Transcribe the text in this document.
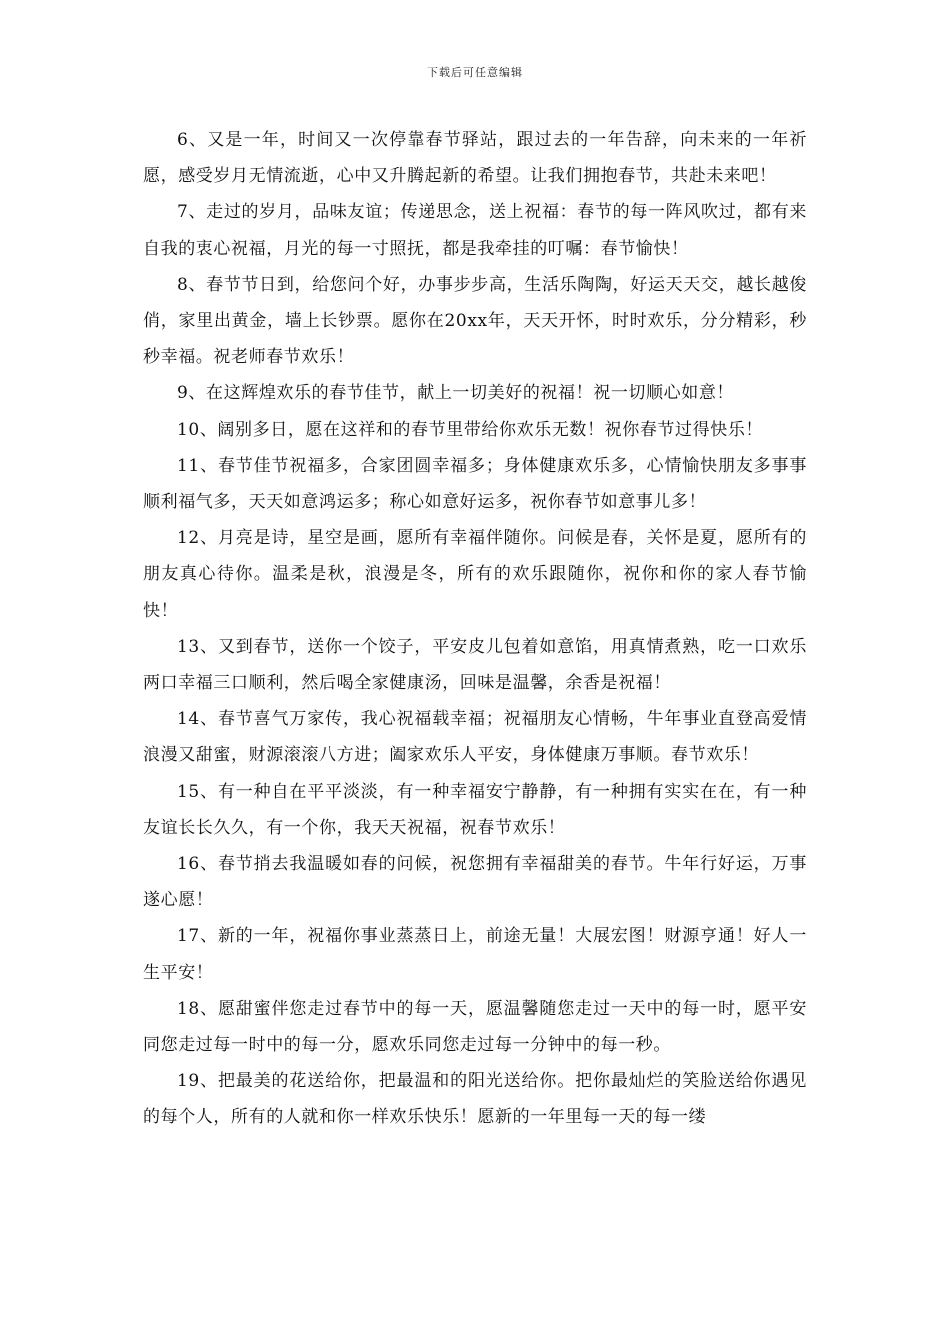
下载后可任意编辑

6、又是一年，时间又一次停靠春节驿站，跟过去的一年告辞，向未来的一年祈愿，感受岁月无情流逝，心中又升腾起新的希望。让我们拥抱春节，共赴未来吧！

7、走过的岁月，品味友谊；传递思念，送上祝福：春节的每一阵风吹过，都有来自我的衷心祝福，月光的每一寸照抚，都是我牵挂的叮嘱：春节愉快！

8、春节节日到，给您问个好，办事步步高，生活乐陶陶，好运天天交，越长越俊俏，家里出黄金，墙上长钞票。愿你在20xx年，天天开怀，时时欢乐，分分精彩，秒秒幸福。祝老师春节欢乐！

9、在这辉煌欢乐的春节佳节，献上一切美好的祝福！祝一切顺心如意！

10、阔别多日，愿在这祥和的春节里带给你欢乐无数！祝你春节过得快乐！

11、春节佳节祝福多，合家团圆幸福多；身体健康欢乐多，心情愉快朋友多事事顺利福气多，天天如意鸿运多；称心如意好运多，祝你春节如意事儿多！

12、月亮是诗，星空是画，愿所有幸福伴随你。问候是春，关怀是夏，愿所有的朋友真心待你。温柔是秋，浪漫是冬，所有的欢乐跟随你，祝你和你的家人春节愉快！

13、又到春节，送你一个饺子，平安皮儿包着如意馅，用真情煮熟，吃一口欢乐两口幸福三口顺利，然后喝全家健康汤，回味是温馨，余香是祝福！

14、春节喜气万家传，我心祝福载幸福；祝福朋友心情畅，牛年事业直登高爱情浪漫又甜蜜，财源滚滚八方进；阖家欢乐人平安，身体健康万事顺。春节欢乐！

15、有一种自在平平淡淡，有一种幸福安宁静静，有一种拥有实实在在，有一种友谊长长久久，有一个你，我天天祝福，祝春节欢乐！

16、春节捎去我温暖如春的问候，祝您拥有幸福甜美的春节。牛年行好运，万事遂心愿！

17、新的一年，祝福你事业蒸蒸日上，前途无量！大展宏图！财源亨通！好人一生平安！

18、愿甜蜜伴您走过春节中的每一天，愿温馨随您走过一天中的每一时，愿平安同您走过每一时中的每一分，愿欢乐同您走过每一分钟中的每一秒。

19、把最美的花送给你，把最温和的阳光送给你。把你最灿烂的笑脸送给你遇见的每个人，所有的人就和你一样欢乐快乐！愿新的一年里每一天的每一缕
